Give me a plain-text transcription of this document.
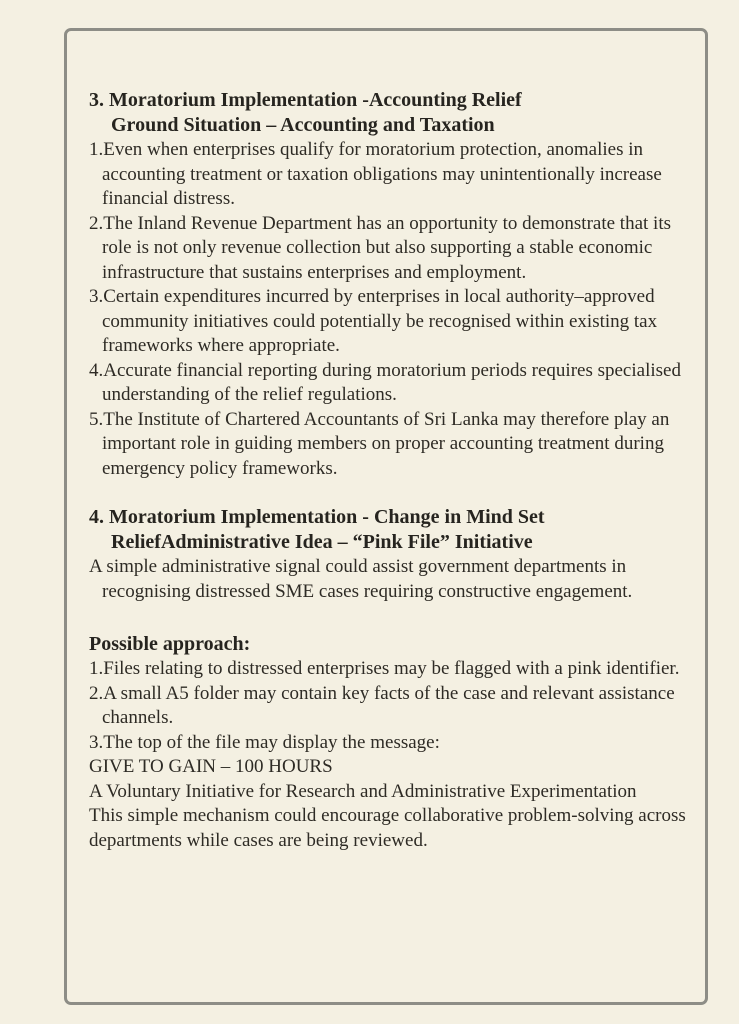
3. Moratorium Implementation -Accounting Relief
Ground Situation – Accounting and Taxation

1.Even when enterprises qualify for moratorium protection, anomalies in accounting treatment or taxation obligations may unintentionally increase financial distress.

2.The Inland Revenue Department has an opportunity to demonstrate that its role is not only revenue collection but also supporting a stable economic infrastructure that sustains enterprises and employment.

3.Certain expenditures incurred by enterprises in local authority–approved community initiatives could potentially be recognised within existing tax frameworks where appropriate.

4.Accurate financial reporting during moratorium periods requires specialised understanding of the relief regulations.

5.The Institute of Chartered Accountants of Sri Lanka may therefore play an important role in guiding members on proper accounting treatment during emergency policy frameworks.

4. Moratorium Implementation - Change in Mind Set
ReliefAdministrative Idea – “Pink File” Initiative

A simple administrative signal could assist government departments in recognising distressed SME cases requiring constructive engagement.

Possible approach:

1.Files relating to distressed enterprises may be flagged with a pink identifier.

2.A small A5 folder may contain key facts of the case and relevant assistance channels.

3.The top of the file may display the message:

GIVE TO GAIN – 100 HOURS

A Voluntary Initiative for Research and Administrative Experimentation

This simple mechanism could encourage collaborative problem-solving across departments while cases are being reviewed.
